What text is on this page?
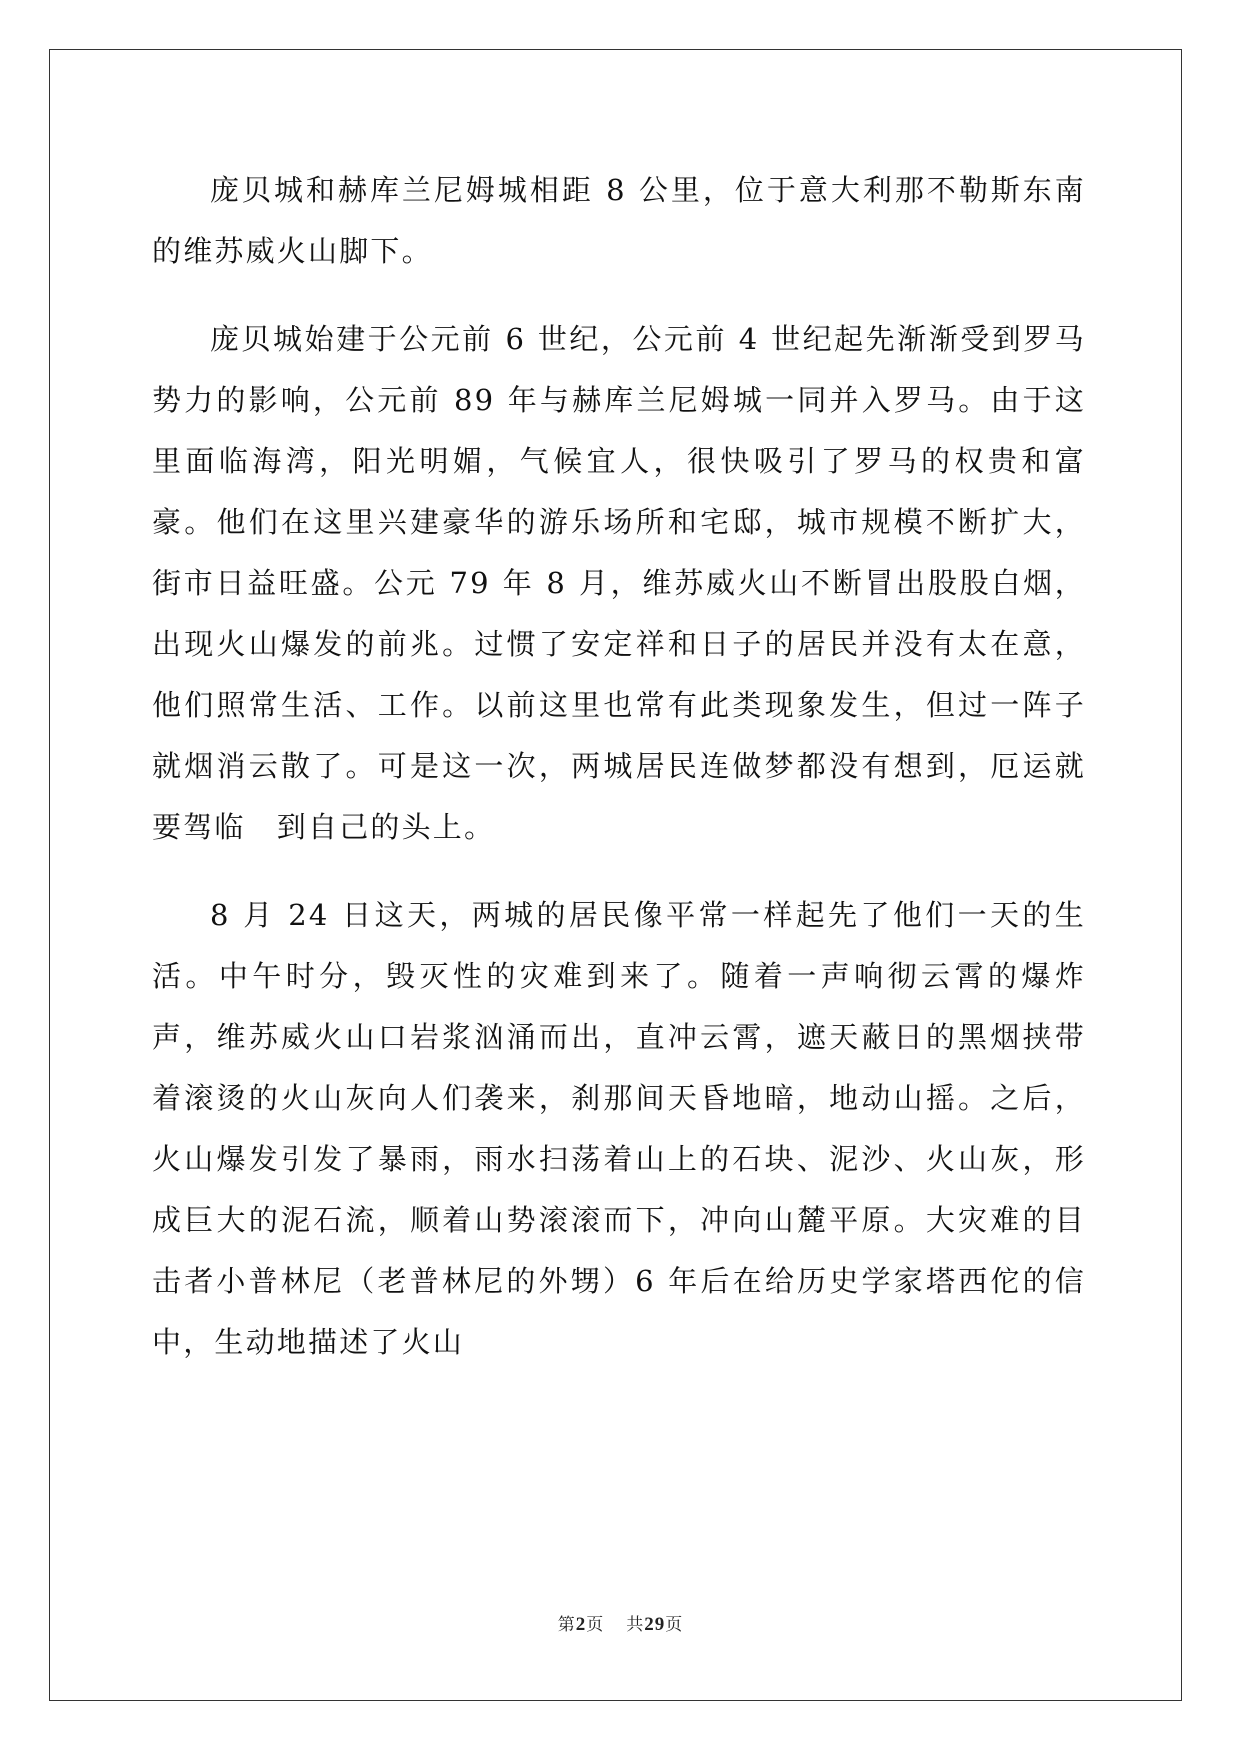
庞贝城和赫库兰尼姆城相距 8 公里，位于意大利那不勒斯东南的维苏威火山脚下。

庞贝城始建于公元前 6 世纪，公元前 4 世纪起先渐渐受到罗马势力的影响，公元前 89 年与赫库兰尼姆城一同并入罗马。由于这里面临海湾，阳光明媚，气候宜人，很快吸引了罗马的权贵和富豪。他们在这里兴建豪华的游乐场所和宅邸，城市规模不断扩大，街市日益旺盛。公元 79 年 8 月，维苏威火山不断冒出股股白烟，出现火山爆发的前兆。过惯了安定祥和日子的居民并没有太在意，他们照常生活、工作。以前这里也常有此类现象发生，但过一阵子就烟消云散了。可是这一次，两城居民连做梦都没有想到，厄运就要驾临　到自己的头上。

8 月 24 日这天，两城的居民像平常一样起先了他们一天的生活。中午时分，毁灭性的灾难到来了。随着一声响彻云霄的爆炸声，维苏威火山口岩浆汹涌而出，直冲云霄，遮天蔽日的黑烟挟带着滚烫的火山灰向人们袭来，刹那间天昏地暗，地动山摇。之后，火山爆发引发了暴雨，雨水扫荡着山上的石块、泥沙、火山灰，形成巨大的泥石流，顺着山势滚滚而下，冲向山麓平原。大灾难的目击者小普林尼（老普林尼的外甥）6 年后在给历史学家塔西佗的信中，生动地描述了火山

第2页 共29页
